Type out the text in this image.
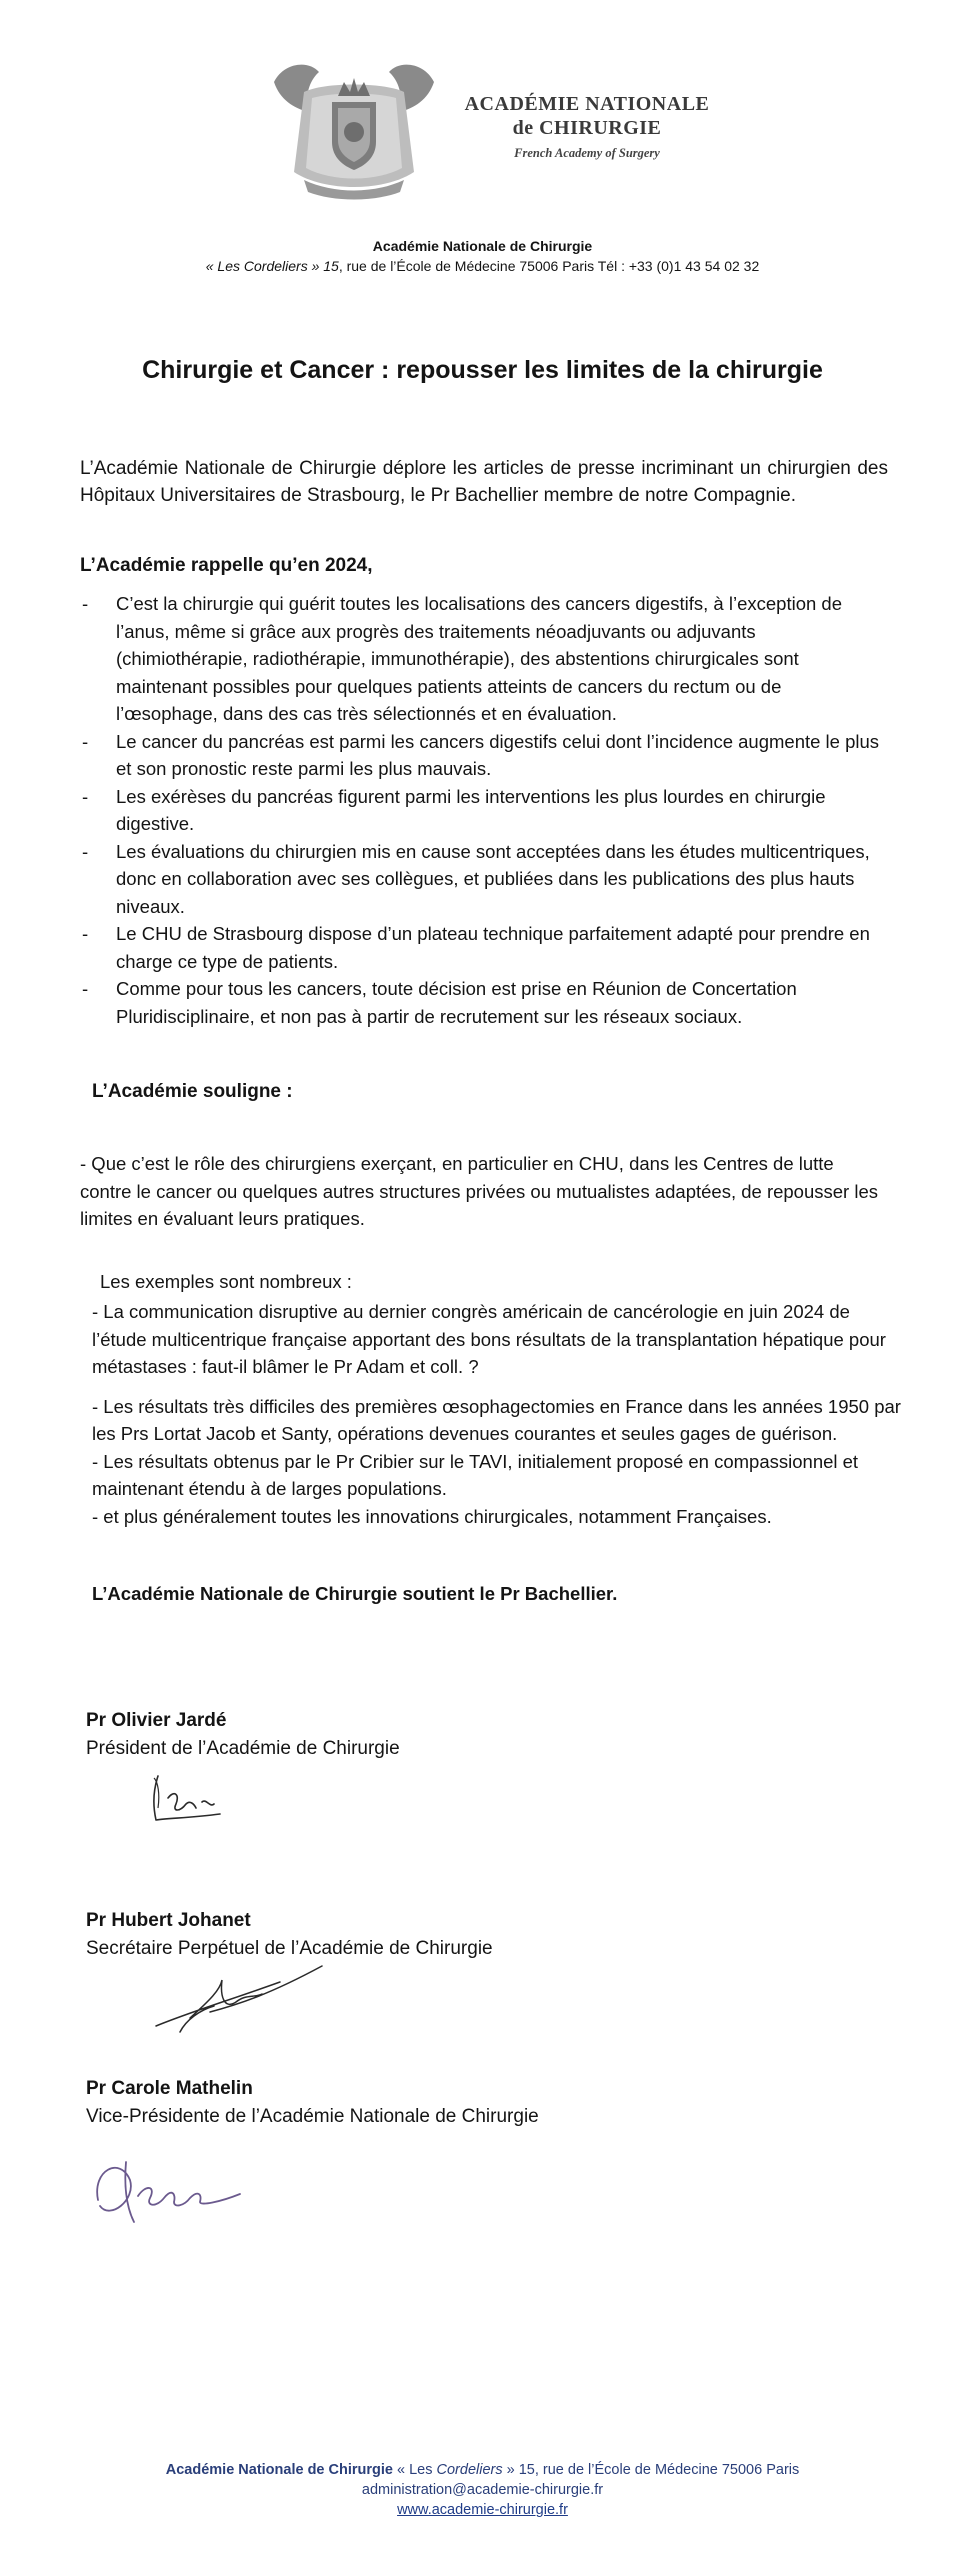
ACADÉMIE NATIONALE
de CHIRURGIE
French Academy of Surgery
Académie Nationale de Chirurgie
« Les Cordeliers » 15, rue de l’École de Médecine 75006 Paris Tél : +33 (0)1 43 54 02 32
Chirurgie et Cancer : repousser les limites de la chirurgie
L’Académie Nationale de Chirurgie déplore les articles de presse incriminant un chirurgien des Hôpitaux Universitaires de Strasbourg, le Pr Bachellier membre de notre Compagnie.
L’Académie rappelle qu’en 2024,
- C’est la chirurgie qui guérit toutes les localisations des cancers digestifs, à l’exception de l’anus, même si grâce aux progrès des traitements néoadjuvants ou adjuvants (chimiothérapie, radiothérapie, immunothérapie), des abstentions chirurgicales sont maintenant possibles pour quelques patients atteints de cancers du rectum ou de l’œsophage, dans des cas très sélectionnés et en évaluation.
- Le cancer du pancréas est parmi les cancers digestifs celui dont l’incidence augmente le plus et son pronostic reste parmi les plus mauvais.
- Les exérèses du pancréas figurent parmi les interventions les plus lourdes en chirurgie digestive.
- Les évaluations du chirurgien mis en cause sont acceptées dans les études multicentriques, donc en collaboration avec ses collègues, et publiées dans les publications des plus hauts niveaux.
- Le CHU de Strasbourg dispose d’un plateau technique parfaitement adapté pour prendre en charge ce type de patients.
- Comme pour tous les cancers, toute décision est prise en Réunion de Concertation Pluridisciplinaire, et non pas à partir de recrutement sur les réseaux sociaux.
L’Académie souligne :
- Que c’est le rôle des chirurgiens exerçant, en particulier en CHU, dans les Centres de lutte contre le cancer ou quelques autres structures privées ou mutualistes adaptées, de repousser les limites en évaluant leurs pratiques.
Les exemples sont nombreux :
- La communication disruptive au dernier congrès américain de cancérologie en juin 2024 de l’étude multicentrique française apportant des bons résultats de la transplantation hépatique pour métastases : faut-il blâmer le Pr Adam et coll. ?
- Les résultats très difficiles des premières œsophagectomies en France dans les années 1950 par les Prs Lortat Jacob et Santy, opérations devenues courantes et seules gages de guérison.
- Les résultats obtenus par le Pr Cribier sur le TAVI, initialement proposé en compassionnel et maintenant étendu à de larges populations.
- et plus généralement toutes les innovations chirurgicales, notamment Françaises.
L’Académie Nationale de Chirurgie soutient le Pr Bachellier.
Pr Olivier Jardé
Président de l’Académie de Chirurgie
Pr Hubert Johanet
Secrétaire Perpétuel de l’Académie de Chirurgie
Pr Carole Mathelin
Vice-Présidente de l’Académie Nationale de Chirurgie
Académie Nationale de Chirurgie « Les Cordeliers » 15, rue de l’École de Médecine 75006 Paris
administration@academie-chirurgie.fr
www.academie-chirurgie.fr
